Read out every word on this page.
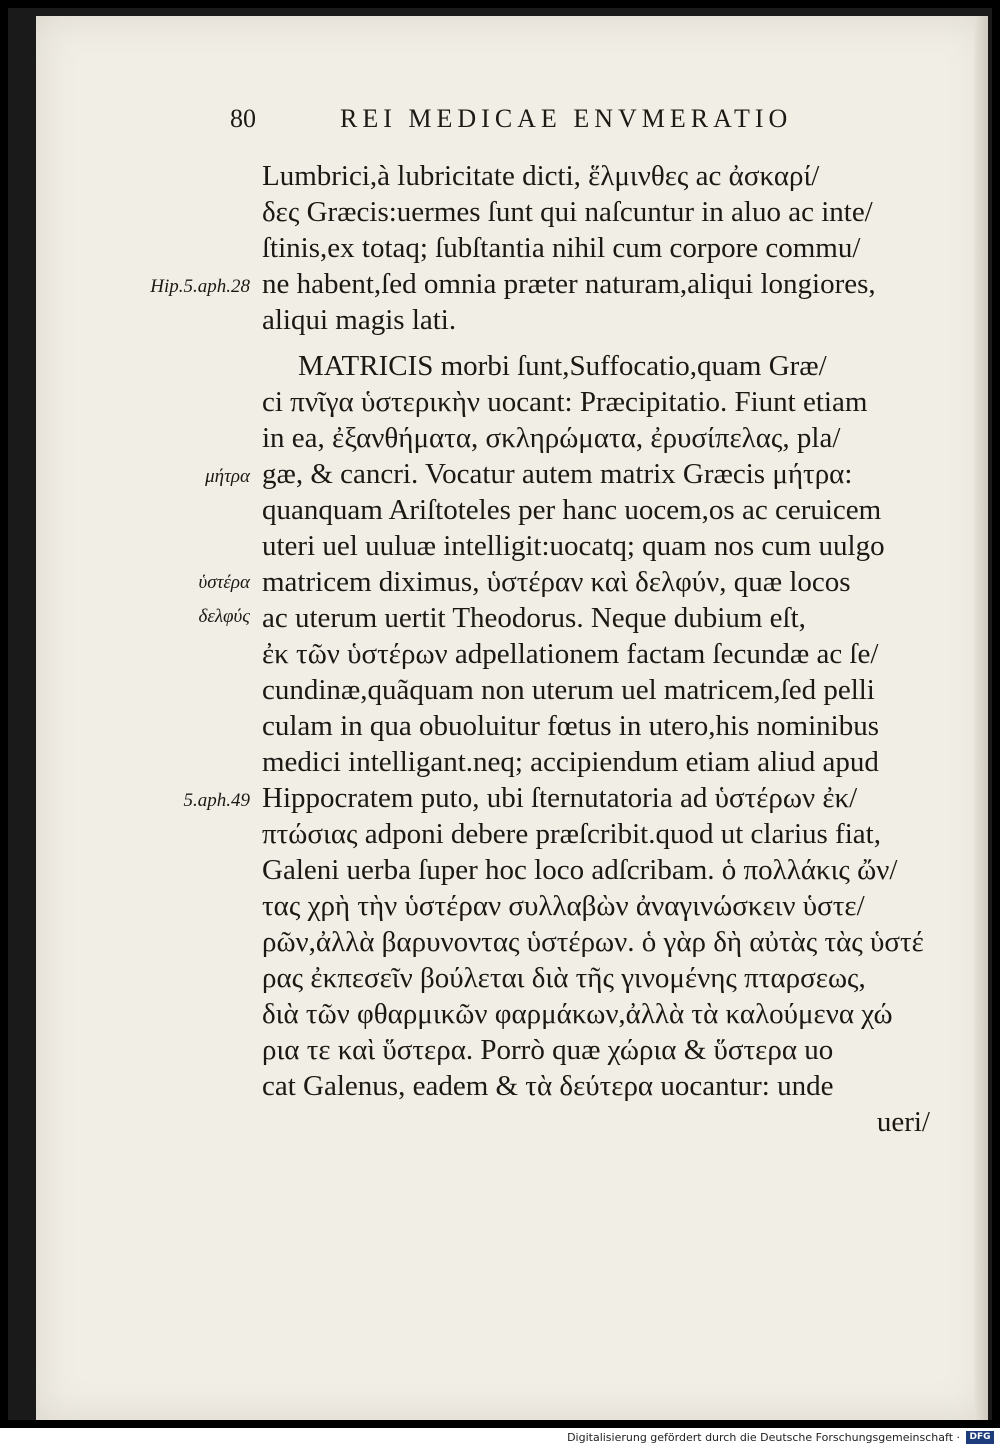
80	REI MEDICAE ENVMERATIO
Lumbrici,à lubricitate dicti, ἕλμινθες ac ἀσκαρί/
δες Græcis:uermes ſunt qui naſcuntur in aluo ac inte/
ſtinis,ex totaq; ſubſtantia nihil cum corpore commu/
ne habent,ſed omnia præter naturam,aliqui longiores,
aliqui magis lati.
MATRICIS morbi ſunt,Suffocatio,quam Græ/
ci πνῖγα ὑστερικὴν uocant: Præcipitatio. Fiunt etiam
in ea, ἐξανθήματα, σκληρώματα, ἐρυσίπελας, pla/
gæ, & cancri. Vocatur autem matrix Græcis μήτρα:
quanquam Ariſtoteles per hanc uocem,os ac ceruicem
uteri uel uuluæ intelligit:uocatq; quam nos cum uulgo
matricem diximus, ὑστέραν καὶ δελφύν, quæ locos
ac uterum uertit Theodorus. Neque dubium eſt,
ἐκ τῶν ὑστέρων adpellationem factam ſecundæ ac ſe/
cundinæ,quãquam non uterum uel matricem,ſed pelli
culam in qua obuoluitur fœtus in utero,his nominibus
medici intelligant.neq; accipiendum etiam aliud apud
Hippocratem puto, ubi ſternutatoria ad ὑστέρων ἐκ/
πτώσιας adponi debere præſcribit.quod ut clarius fiat,
Galeni uerba ſuper hoc loco adſcribam. ὁ πολλάκις ὤν/
τας χρὴ τὴν ὑστέραν συλλαβὼν ἀναγινώσκειν ὑστε/
ρῶν,ἀλλὰ βαρυνοντας ὑστέρων. ὁ γὰρ δὴ αὐτὰς τὰς ὑστέ
ρας ἐκπεσεῖν βούλεται διὰ τῆς γινομένης πταρσεως,
διὰ τῶν φθαρμικῶν φαρμάκων,ἀλλὰ τὰ καλούμενα χώ
ρια τε καὶ ὕστερα. Porrò quæ χώρια & ὕστερα uo
cat Galenus, eadem & τὰ δεύτερα uocantur: unde
ueri/
Hip.5.aph.28
μήτρα
ὑστέρα
δελφύς
5.aph.49
Digitalisierung gefördert durch die Deutsche Forschungsgemeinschaft ·	DFG
